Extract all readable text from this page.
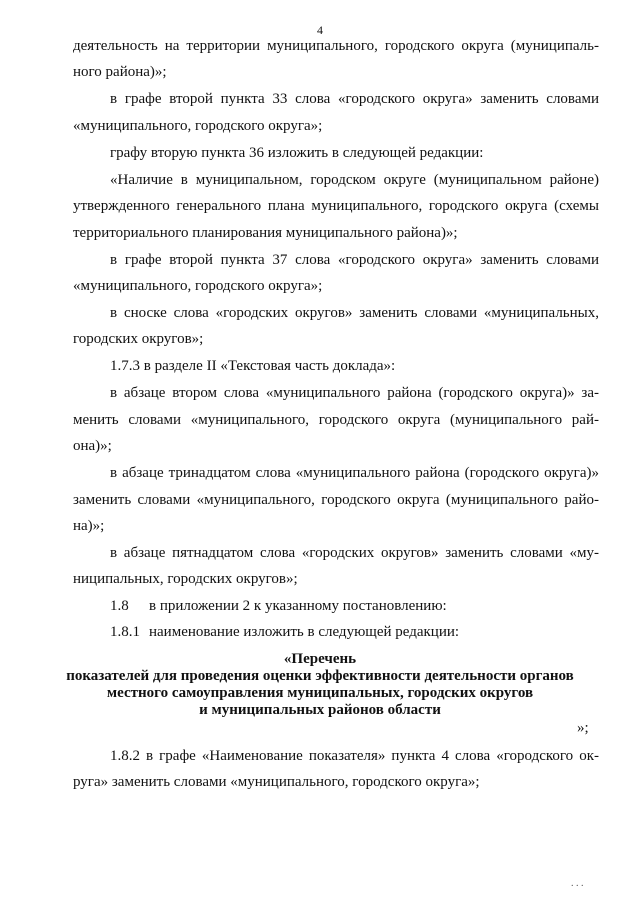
4
деятельность на территории муниципального, городского округа (муниципаль-
ного района)»;
в графе второй пункта 33 слова «городского округа» заменить словами
«муниципального, городского округа»;
графу вторую пункта 36 изложить в следующей редакции:
«Наличие в муниципальном, городском округе (муниципальном районе)
утвержденного генерального плана муниципального, городского округа (схемы
территориального планирования муниципального района)»;
в графе второй пункта 37 слова «городского округа» заменить словами
«муниципального, городского округа»;
в сноске слова «городских округов» заменить словами «муниципальных,
городских округов»;
1.7.3 в разделе II «Текстовая часть доклада»:
в абзаце втором слова «муниципального района (городского округа)» за-
менить словами «муниципального, городского округа (муниципального рай-
она)»;
в абзаце тринадцатом слова «муниципального района (городского округа)»
заменить словами «муниципального, городского округа (муниципального райо-
на)»;
в абзаце пятнадцатом слова «городских округов» заменить словами «му-
ниципальных, городских округов»;
1.8 в приложении 2 к указанному постановлению:
1.8.1 наименование изложить в следующей редакции:
«Перечень
показателей для проведения оценки эффективности деятельности органов
местного самоуправления муниципальных, городских округов
и муниципальных районов области
»;
1.8.2 в графе «Наименование показателя» пункта 4 слова «городского ок-
руга» заменить словами «муниципального, городского округа»;
. . .
